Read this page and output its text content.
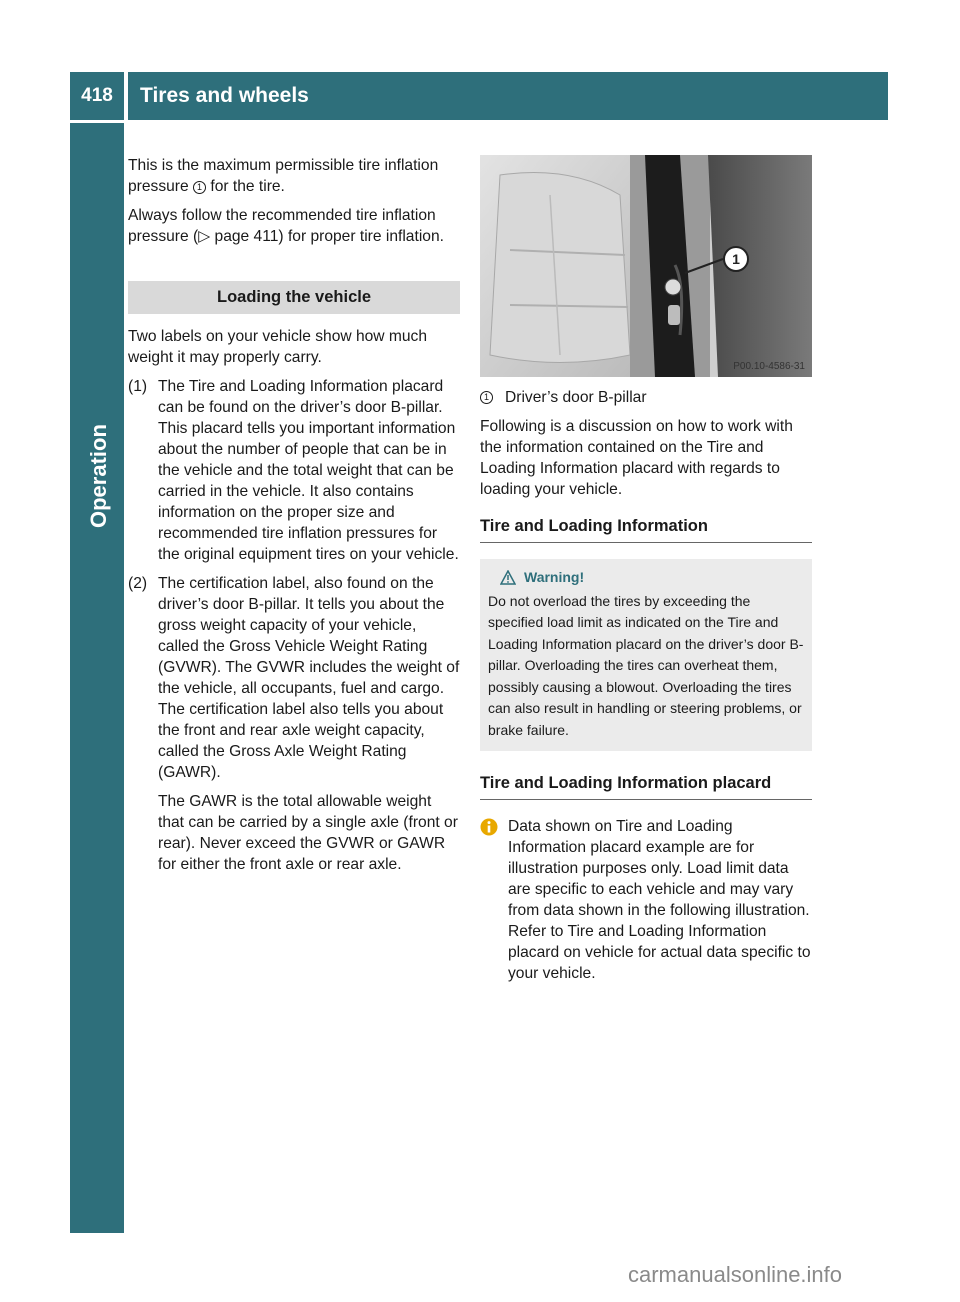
418	Tires and wheels
Operation

This is the maximum permissible tire inflation pressure 1 for the tire.

Always follow the recommended tire inflation pressure (▷ page 411) for proper tire inflation.

Loading the vehicle

Two labels on your vehicle show how much weight it may properly carry.

(1) The Tire and Loading Information placard can be found on the driver’s door B-pillar. This placard tells you important information about the number of people that can be in the vehicle and the total weight that can be carried in the vehicle. It also contains information on the proper size and recommended tire inflation pressures for the original equipment tires on your vehicle.
(2) The certification label, also found on the driver’s door B-pillar. It tells you about the gross weight capacity of your vehicle, called the Gross Vehicle Weight Rating (GVWR). The GVWR includes the weight of the vehicle, all occupants, fuel and cargo. The certification label also tells you about the front and rear axle weight capacity, called the Gross Axle Weight Rating (GAWR).

The GAWR is the total allowable weight that can be carried by a single axle (front or rear). Never exceed the GVWR or GAWR for either the front axle or rear axle.

1
P00.10-4586-31
1 Driver’s door B-pillar

Following is a discussion on how to work with the information contained on the Tire and Loading Information placard with regards to loading your vehicle.

Tire and Loading Information
Warning!
Do not overload the tires by exceeding the specified load limit as indicated on the Tire and Loading Information placard on the driver’s door B-pillar. Overloading the tires can overheat them, possibly causing a blowout. Overloading the tires can also result in handling or steering problems, or brake failure.
Tire and Loading Information placard
Data shown on Tire and Loading Information placard example are for illustration purposes only. Load limit data are specific to each vehicle and may vary from data shown in the following illustration. Refer to Tire and Loading Information placard on vehicle for actual data specific to your vehicle.
carmanualsonline.info
